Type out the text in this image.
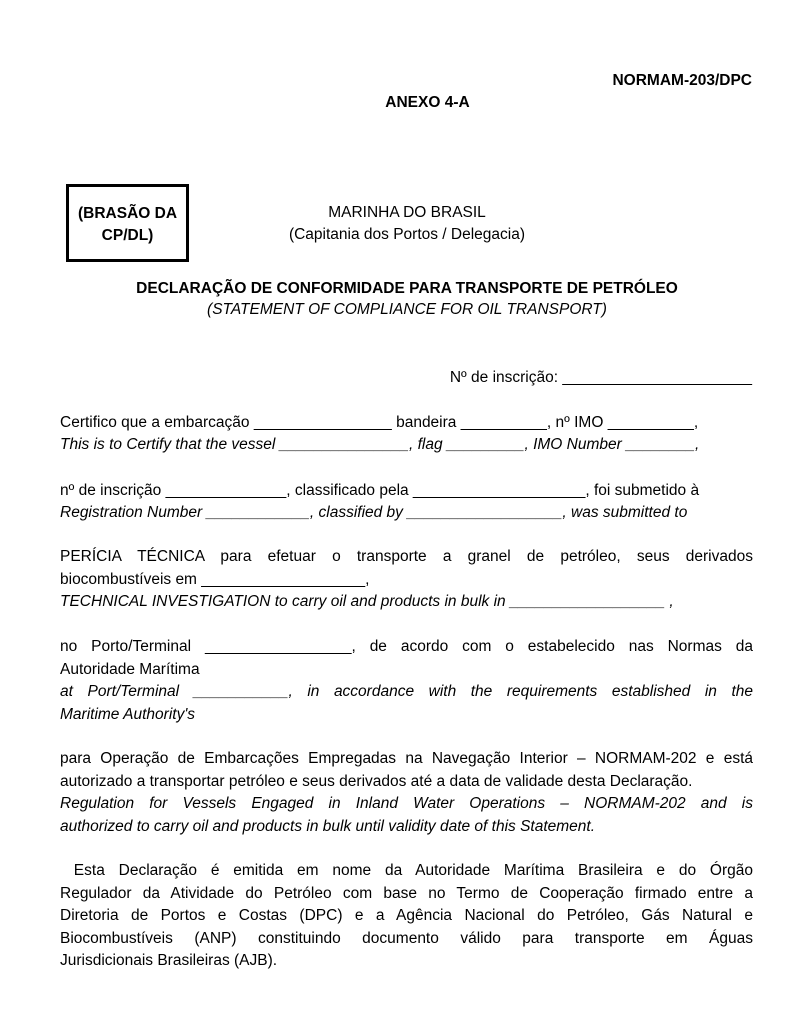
NORMAM-203/DPC
ANEXO 4-A
(BRASÃO DA
CP/DL)
MARINHA DO BRASIL
(Capitania dos Portos / Delegacia)
DECLARAÇÃO DE CONFORMIDADE PARA TRANSPORTE DE PETRÓLEO
(STATEMENT OF COMPLIANCE FOR OIL TRANSPORT)
Nº de inscrição: ______________________
Certifico que a embarcação ________________ bandeira __________, nº IMO __________,
This is to Certify that the vessel _______________, flag _________, IMO Number ________,
nº de inscrição ______________, classificado pela ____________________, foi submetido à
Registration Number ____________, classified by __________________, was submitted to
PERÍCIA TÉCNICA para efetuar o transporte a granel de petróleo, seus derivados
biocombustíveis em ___________________,
TECHNICAL INVESTIGATION to carry oil and products in bulk in __________________ ,
no Porto/Terminal _________________, de acordo com o estabelecido nas Normas da
Autoridade Marítima
at Port/Terminal ___________, in accordance with the requirements established in the
Maritime Authority's
para Operação de Embarcações Empregadas na Navegação Interior – NORMAM-202 e está
autorizado a transportar petróleo e seus derivados até a data de validade desta Declaração.
Regulation for Vessels Engaged in Inland Water Operations – NORMAM-202 and is
authorized to carry oil and products in bulk until validity date of this Statement.
Esta Declaração é emitida em nome da Autoridade Marítima Brasileira e do Órgão
Regulador da Atividade do Petróleo com base no Termo de Cooperação firmado entre a
Diretoria de Portos e Costas (DPC) e a Agência Nacional do Petróleo, Gás Natural e
Biocombustíveis (ANP) constituindo documento válido para transporte em Águas
Jurisdicionais Brasileiras (AJB).
